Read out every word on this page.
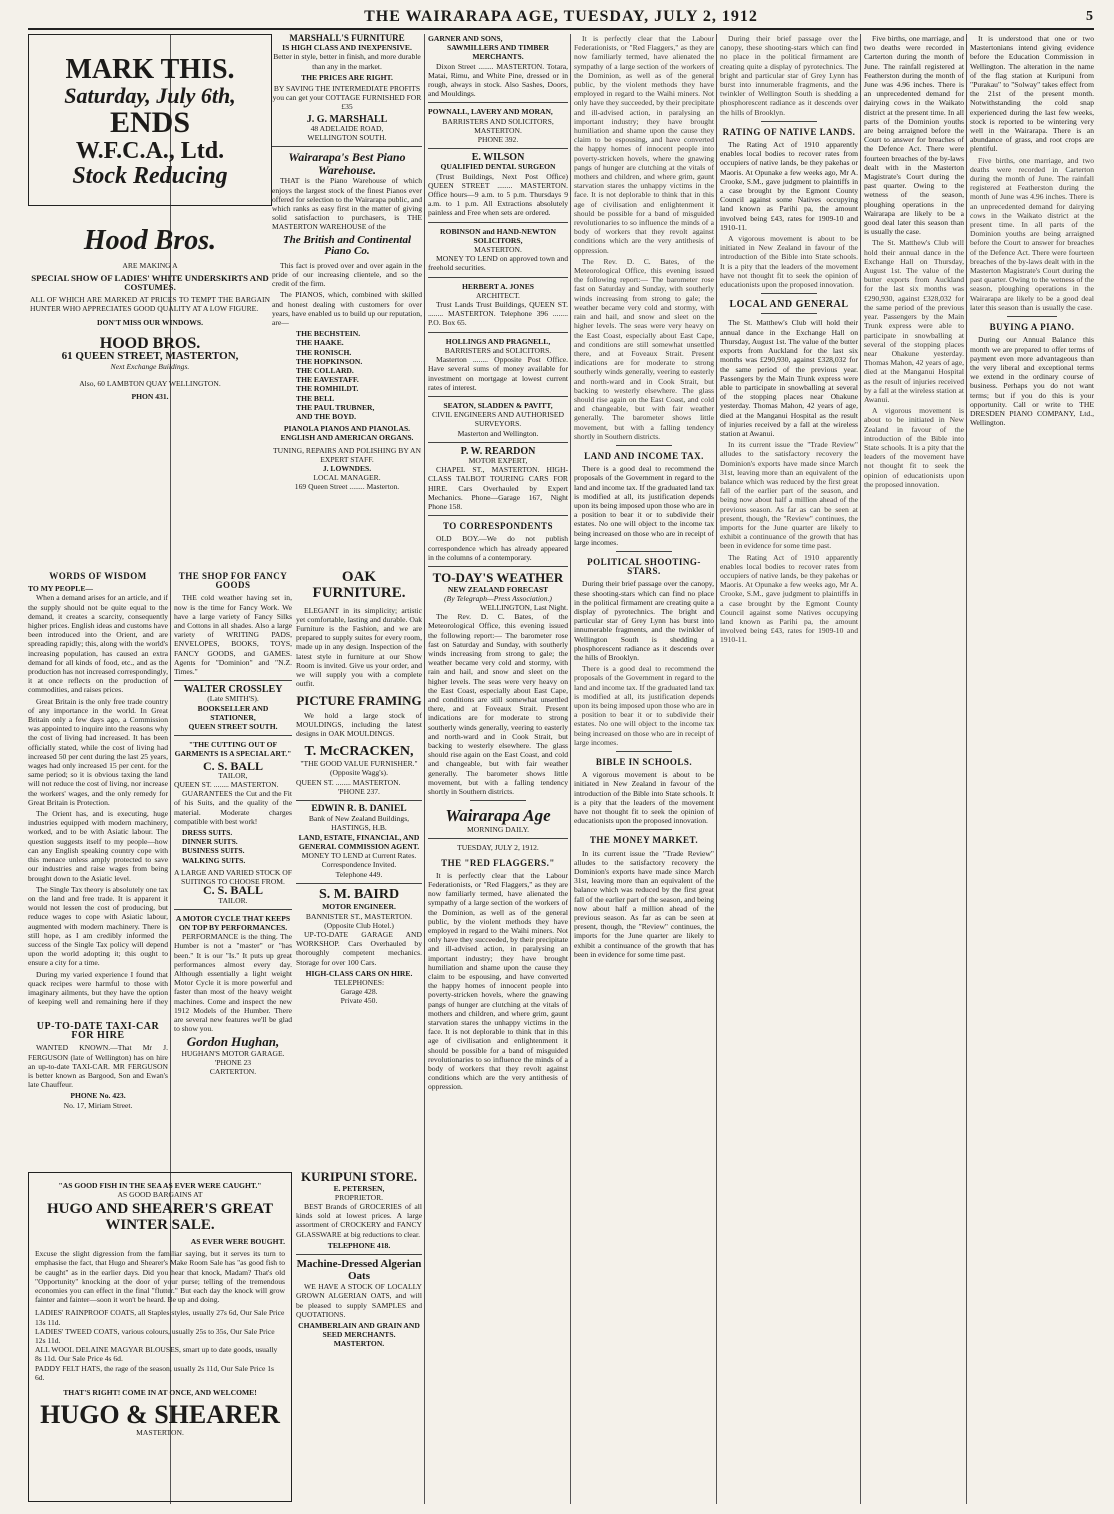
THE WAIRARAPA AGE, TUESDAY, JULY 2, 1912	5
MARK THIS.
Saturday, July 6th,
ENDS
W.F.C.A., Ltd.
Stock Reducing
Hood Bros.
ARE MAKING A
SPECIAL SHOW OF LADIES' WHITE UNDERSKIRTS AND COSTUMES.
ALL OF WHICH ARE MARKED AT PRICES TO TEMPT THE BARGAIN HUNTER WHO APPRECIATES GOOD QUALITY AT A LOW FIGURE.
DON'T MISS OUR WINDOWS.
HOOD BROS.
61 QUEEN STREET, MASTERTON,
Next Exchange Buildings.
Also, 60 LAMBTON QUAY WELLINGTON.
PHON 431.
WORDS OF WISDOM
TO MY PEOPLE—
When a demand arises for an article, and if the supply should not be quite equal to the demand, it creates a scarcity, consequently higher prices. English ideas and customs have been introduced into the Orient, and are spreading rapidly; this, along with the world's increasing population, has caused an extra demand for all kinds of food, etc., and as the production has not increased correspondingly, it at once reflects on the production of commodities, and raises prices.
Great Britain is the only free trade country of any importance in the world. In Great Britain only a few days ago, a Commission was appointed to inquire into the reasons why the cost of living had increased. It has been officially stated, while the cost of living had increased 50 per cent during the last 25 years, wages had only increased 15 per cent. for the same period; so it is obvious taxing the land will not reduce the cost of living, nor increase the workers' wages, and the only remedy for Great Britain is Protection.
The Orient has, and is executing, huge industries equipped with modern machinery, worked, and to be with Asiatic labour. The question suggests itself to my people—how can any English speaking country cope with this menace unless amply protected to save our industries and raise wages from being brought down to the Asiatic level.
The Single Tax theory is absolutely one tax on the land and free trade. It is apparent it would not lessen the cost of producing, but reduce wages to cope with Asiatic labour, augmented with modern machinery. There is still hope, as I am credibly informed the success of the Single Tax policy will depend upon the world adopting it; this ought to ensure a city for a time.
During my varied experience I found that quack recipes were harmful to those with imaginary ailments, but they have the option of keeping well and remaining here if they
UP-TO-DATE TAXI-CAR FOR HIRE
WANTED KNOWN.—That Mr J. FERGUSON (late of Wellington) has on hire an up-to-date TAXI-CAR. MR FERGUSON is better known as Bargood, Son and Ewan's late Chauffeur.
PHONE No. 423.
No. 17, Miriam Street.
MARSHALL'S FURNITURE
IS HIGH CLASS AND INEXPENSIVE.
Better in style, better in finish, and more durable than any in the market.
THE PRICES ARE RIGHT.
BY SAVING THE INTERMEDIATE PROFITS you can get your COTTAGE FURNISHED FOR £35
J. G. MARSHALL
48 ADELAIDE ROAD,
WELLINGTON SOUTH.
Wairarapa's Best Piano Warehouse.
THAT is the Piano Warehouse of which enjoys the largest stock of the finest Pianos ever offered for selection to the Wairarapa public, and which ranks as easy first in the matter of giving solid satisfaction to purchasers, is THE MASTERTON WAREHOUSE of the
The British and Continental Piano Co.
This fact is proved over and over again in the pride of our increasing clientele, and so the credit of the firm.
The PIANOS, which, combined with skilled and honest dealing with customers for over years, have enabled us to build up our reputation, are—
THE BECHSTEIN.
THE HAAKE.
THE RONISCH.
THE HOPKINSON.
THE COLLARD.
THE EAVESTAFF.
THE ROMHILDT.
THE BELL
THE PAUL TRUBNER,
AND THE BOYD.
PIANOLA PIANOS AND PIANOLAS.
ENGLISH AND AMERICAN ORGANS.
TUNING, REPAIRS AND POLISHING BY AN EXPERT STAFF.
J. LOWNDES.
LOCAL MANAGER.
169 Queen Street ........ Masterton.
THE SHOP FOR FANCY GOODS
THE cold weather having set in, now is the time for Fancy Work. We have a large variety of Fancy Silks and Cottons in all shades. Also a large variety of WRITING PADS, ENVELOPES, BOOKS, TOYS, FANCY GOODS, and GAMES. Agents for "Dominion" and "N.Z. Times."
WALTER CROSSLEY
(Late SMITH'S).
BOOKSELLER AND STATIONER,
QUEEN STREET SOUTH.
"THE CUTTING OUT OF GARMENTS IS A SPECIAL ART."
C. S. BALL
TAILOR,
QUEEN ST. ........ MASTERTON.
GUARANTEES the Cut and the Fit of his Suits, and the quality of the material. Moderate charges compatible with best work!
DRESS SUITS.
DINNER SUITS.
BUSINESS SUITS.
WALKING SUITS.
A LARGE AND VARIED STOCK OF SUITINGS TO CHOOSE FROM.
C. S. BALL
TAILOR.
A MOTOR CYCLE THAT KEEPS ON TOP BY PERFORMANCES.
PERFORMANCE is the thing. The Humber is not a "master" or "has been." It is our "Is." It puts up great performances almost every day. Although essentially a light weight Motor Cycle it is more powerful and faster than most of the heavy weight machines. Come and inspect the new 1912 Models of the Humber. There are several new features we'll be glad to show you.
Gordon Hughan,
HUGHAN'S MOTOR GARAGE.
'PHONE 23
CARTERTON.
OAK FURNITURE.
ELEGANT in its simplicity; artistic yet comfortable, lasting and durable. Oak Furniture is the Fashion, and we are prepared to supply suites for every room, made up in any design. Inspection of the latest style in furniture at our Show Room is invited. Give us your order, and we will supply you with a complete outfit.
PICTURE FRAMING
We hold a large stock of MOULDINGS, including the latest designs in OAK MOULDINGS.
T. McCRACKEN,
"THE GOOD VALUE FURNISHER."
(Opposite Wagg's).
QUEEN ST. ........ MASTERTON.
'PHONE 237.
EDWIN R. B. DANIEL
Bank of New Zealand Buildings,
HASTINGS, H.B.
LAND, ESTATE, FINANCIAL, AND GENERAL COMMISSION AGENT.
MONEY TO LEND at Current Rates.
Correspondence Invited.
Telephone 449.
S. M. BAIRD
MOTOR ENGINEER.
BANNISTER ST., MASTERTON. (Opposite Club Hotel.)
UP-TO-DATE GARAGE AND WORKSHOP. Cars Overhauled by thoroughly competent mechanics. Storage for over 100 Cars.
HIGH-CLASS CARS ON HIRE.
TELEPHONES:
Garage 428.
Private 450.
KURIPUNI STORE.
E. PETERSEN,
PROPRIETOR.
BEST Brands of GROCERIES of all kinds sold at lowest prices. A large assortment of CROCKERY and FANCY GLASSWARE at big reductions to clear.
TELEPHONE 418.
Machine-Dressed Algerian Oats
WE HAVE A STOCK OF LOCALLY GROWN ALGERIAN OATS, and will be pleased to supply SAMPLES and QUOTATIONS.
CHAMBERLAIN AND GRAIN AND SEED MERCHANTS.
MASTERTON.
"AS GOOD FISH IN THE SEA AS EVER WERE CAUGHT."
AS GOOD BARGAINS AT
HUGO AND SHEARER'S GREAT WINTER SALE.
AS EVER WERE BOUGHT.
Excuse the slight digression from the familiar saying, but it serves its turn to emphasise the fact, that Hugo and Shearer's Make Room Sale has "as good fish to be caught" as in the earlier days. Did you hear that knock, Madam? That's old "Opportunity" knocking at the door of your purse; telling of the tremendous economies you can effect in the final "flutter." But each day the knock will grow fainter and fainter—soon it won't be heard. Be up and doing.
LADIES' RAINPROOF COATS, all Staples styles, usually 27s 6d, Our Sale Price 13s 11d.
LADIES' TWEED COATS, various colours, usually 25s to 35s, Our Sale Price 12s 11d.
ALL WOOL DELAINE MAGYAR BLOUSES, smart up to date goods, usually 8s 11d. Our Sale Price 4s 6d.
PADDY FELT HATS, the rage of the season, usually 2s 11d, Our Sale Price 1s 6d.
THAT'S RIGHT! COME IN AT ONCE, AND WELCOME!
HUGO & SHEARER
MASTERTON.
GARNER AND SONS,
SAWMILLERS AND TIMBER MERCHANTS.
Dixon Street ........ MASTERTON. Totara, Matai, Rimu, and White Pine, dressed or in rough, always in stock. Also Sashes, Doors, and Mouldings.
POWNALL, LAVERY AND MORAN,
BARRISTERS AND SOLICITORS, MASTERTON.
PHONE 392.
E. WILSON
QUALIFIED DENTAL SURGEON
(Trust Buildings, Next Post Office) QUEEN STREET ........ MASTERTON. Office hours—9 a.m. to 5 p.m. Thursdays 9 a.m. to 1 p.m. All Extractions absolutely painless and Free when sets are ordered.
ROBINSON and HAND-NEWTON SOLICITORS,
MASTERTON.
MONEY TO LEND on approved town and freehold securities.
HERBERT A. JONES
ARCHITECT.
Trust Lands Trust Buildings, QUEEN ST. ........ MASTERTON. Telephone 396 ........ P.O. Box 65.
HOLLINGS AND PRAGNELL,
BARRISTERS and SOLICITORS.
Masterton ........ Opposite Post Office. Have several sums of money available for investment on mortgage at lowest current rates of interest.
SEATON, SLADDEN & PAVITT,
CIVIL ENGINEERS AND AUTHORISED SURVEYORS.
Masterton and Wellington.
P. W. REARDON
MOTOR EXPERT,
CHAPEL ST., MASTERTON. HIGH-CLASS TALBOT TOURING CARS FOR HIRE. Cars Overhauled by Expert Mechanics. Phone—Garage 167, Night Phone 158.
TO CORRESPONDENTS
OLD BOY.—We do not publish correspondence which has already appeared in the columns of a contemporary.
TO-DAY'S WEATHER
NEW ZEALAND FORECAST
(By Telegraph—Press Association.)
WELLINGTON, Last Night.
The Rev. D. C. Bates, of the Meteorological Office, this evening issued the following report:— The barometer rose fast on Saturday and Sunday, with southerly winds increasing from strong to gale; the weather became very cold and stormy, with rain and hail, and snow and sleet on the higher levels. The seas were very heavy on the East Coast, especially about East Cape, and conditions are still somewhat unsettled there, and at Foveaux Strait. Present indications are for moderate to strong southerly winds generally, veering to easterly and north-ward and in Cook Strait, but backing to westerly elsewhere. The glass should rise again on the East Coast, and cold and changeable, but with fair weather generally. The barometer shows little movement, but with a falling tendency shortly in Southern districts.
Wairarapa Age
MORNING DAILY.
TUESDAY, JULY 2, 1912.
THE "RED FLAGGERS."
It is perfectly clear that the Labour Federationists, or "Red Flaggers," as they are now familiarly termed, have alienated the sympathy of a large section of the workers of the Dominion, as well as of the general public, by the violent methods they have employed in regard to the Waihi miners. Not only have they succeeded, by their precipitate and ill-advised action, in paralysing an important industry; they have brought humiliation and shame upon the cause they claim to be espousing, and have converted the happy homes of innocent people into poverty-stricken hovels, where the gnawing pangs of hunger are clutching at the vitals of mothers and children, and where grim, gaunt starvation stares the unhappy victims in the face. It is not deplorable to think that in this age of civilisation and enlightenment it should be possible for a band of misguided revolutionaries to so influence the minds of a body of workers that they revolt against conditions which are the very antithesis of oppression.
It is perfectly clear that the Labour Federationists, or "Red Flaggers," as they are now familiarly termed, have alienated the sympathy of a large section of the workers of the Dominion, as well as of the general public, by the violent methods they have employed in regard to the Waihi miners. Not only have they succeeded, by their precipitate and ill-advised action, in paralysing an important industry; they have brought humiliation and shame upon the cause they claim to be espousing, and have converted the happy homes of innocent people into poverty-stricken hovels, where the gnawing pangs of hunger are clutching at the vitals of mothers and children, and where grim, gaunt starvation stares the unhappy victims in the face. It is not deplorable to think that in this age of civilisation and enlightenment it should be possible for a band of misguided revolutionaries to so influence the minds of a body of workers that they revolt against conditions which are the very antithesis of oppression.
The Rev. D. C. Bates, of the Meteorological Office, this evening issued the following report:— The barometer rose fast on Saturday and Sunday, with southerly winds increasing from strong to gale; the weather became very cold and stormy, with rain and hail, and snow and sleet on the higher levels. The seas were very heavy on the East Coast, especially about East Cape, and conditions are still somewhat unsettled there, and at Foveaux Strait. Present indications are for moderate to strong southerly winds generally, veering to easterly and north-ward and in Cook Strait, but backing to westerly elsewhere. The glass should rise again on the East Coast, and cold and changeable, but with fair weather generally. The barometer shows little movement, but with a falling tendency shortly in Southern districts.
LAND AND INCOME TAX.
There is a good deal to recommend the proposals of the Government in regard to the land and income tax. If the graduated land tax is modified at all, its justification depends upon its being imposed upon those who are in a position to bear it or to subdivide their estates. No one will object to the income tax being increased on those who are in receipt of large incomes.
POLITICAL SHOOTING-STARS.
During their brief passage over the canopy, these shooting-stars which can find no place in the political firmament are creating quite a display of pyrotechnics. The bright and particular star of Grey Lynn has burst into innumerable fragments, and the twinkler of Wellington South is shedding a phosphorescent radiance as it descends over the hills of Brooklyn.
There is a good deal to recommend the proposals of the Government in regard to the land and income tax. If the graduated land tax is modified at all, its justification depends upon its being imposed upon those who are in a position to bear it or to subdivide their estates. No one will object to the income tax being increased on those who are in receipt of large incomes.
BIBLE IN SCHOOLS.
A vigorous movement is about to be initiated in New Zealand in favour of the introduction of the Bible into State schools. It is a pity that the leaders of the movement have not thought fit to seek the opinion of educationists upon the proposed innovation.
THE MONEY MARKET.
In its current issue the "Trade Review" alludes to the satisfactory recovery the Dominion's exports have made since March 31st, leaving more than an equivalent of the balance which was reduced by the first great fall of the earlier part of the season, and being now about half a million ahead of the previous season. As far as can be seen at present, though, the "Review" continues, the imports for the June quarter are likely to exhibit a continuance of the growth that has been in evidence for some time past.
During their brief passage over the canopy, these shooting-stars which can find no place in the political firmament are creating quite a display of pyrotechnics. The bright and particular star of Grey Lynn has burst into innumerable fragments, and the twinkler of Wellington South is shedding a phosphorescent radiance as it descends over the hills of Brooklyn.
RATING OF NATIVE LANDS.
The Rating Act of 1910 apparently enables local bodies to recover rates from occupiers of native lands, be they pakehas or Maoris. At Opunake a few weeks ago, Mr A. Crooke, S.M., gave judgment to plaintiffs in a case brought by the Egmont County Council against some Natives occupying land known as Parihi pa, the amount involved being £43, rates for 1909-10 and 1910-11.
A vigorous movement is about to be initiated in New Zealand in favour of the introduction of the Bible into State schools. It is a pity that the leaders of the movement have not thought fit to seek the opinion of educationists upon the proposed innovation.
LOCAL AND GENERAL
The St. Matthew's Club will hold their annual dance in the Exchange Hall on Thursday, August 1st. The value of the butter exports from Auckland for the last six months was £290,930, against £328,032 for the same period of the previous year. Passengers by the Main Trunk express were able to participate in snowballing at several of the stopping places near Ohakune yesterday. Thomas Mahon, 42 years of age, died at the Manganui Hospital as the result of injuries received by a fall at the wireless station at Awanui.
In its current issue the "Trade Review" alludes to the satisfactory recovery the Dominion's exports have made since March 31st, leaving more than an equivalent of the balance which was reduced by the first great fall of the earlier part of the season, and being now about half a million ahead of the previous season. As far as can be seen at present, though, the "Review" continues, the imports for the June quarter are likely to exhibit a continuance of the growth that has been in evidence for some time past.
The Rating Act of 1910 apparently enables local bodies to recover rates from occupiers of native lands, be they pakehas or Maoris. At Opunake a few weeks ago, Mr A. Crooke, S.M., gave judgment to plaintiffs in a case brought by the Egmont County Council against some Natives occupying land known as Parihi pa, the amount involved being £43, rates for 1909-10 and 1910-11.
Five births, one marriage, and two deaths were recorded in Carterton during the month of June. The rainfall registered at Featherston during the month of June was 4.96 inches. There is an unprecedented demand for dairying cows in the Waikato district at the present time. In all parts of the Dominion youths are being arraigned before the Court to answer for breaches of the Defence Act. There were fourteen breaches of the by-laws dealt with in the Masterton Magistrate's Court during the past quarter. Owing to the wetness of the season, ploughing operations in the Wairarapa are likely to be a good deal later this season than is usually the case.
The St. Matthew's Club will hold their annual dance in the Exchange Hall on Thursday, August 1st. The value of the butter exports from Auckland for the last six months was £290,930, against £328,032 for the same period of the previous year. Passengers by the Main Trunk express were able to participate in snowballing at several of the stopping places near Ohakune yesterday. Thomas Mahon, 42 years of age, died at the Manganui Hospital as the result of injuries received by a fall at the wireless station at Awanui.
A vigorous movement is about to be initiated in New Zealand in favour of the introduction of the Bible into State schools. It is a pity that the leaders of the movement have not thought fit to seek the opinion of educationists upon the proposed innovation.
It is understood that one or two Mastertonians intend giving evidence before the Education Commission in Wellington. The alteration in the name of the flag station at Kuripuni from "Purakau" to "Solway" takes effect from the 21st of the present month. Notwithstanding the cold snap experienced during the last few weeks, stock is reported to be wintering very well in the Wairarapa. There is an abundance of grass, and root crops are plentiful.
Five births, one marriage, and two deaths were recorded in Carterton during the month of June. The rainfall registered at Featherston during the month of June was 4.96 inches. There is an unprecedented demand for dairying cows in the Waikato district at the present time. In all parts of the Dominion youths are being arraigned before the Court to answer for breaches of the Defence Act. There were fourteen breaches of the by-laws dealt with in the Masterton Magistrate's Court during the past quarter. Owing to the wetness of the season, ploughing operations in the Wairarapa are likely to be a good deal later this season than is usually the case.
BUYING A PIANO.
During our Annual Balance this month we are prepared to offer terms of payment even more advantageous than the very liberal and exceptional terms we extend in the ordinary course of business. Perhaps you do not want terms; but if you do this is your opportunity. Call or write to THE DRESDEN PIANO COMPANY, Ltd., Wellington.
